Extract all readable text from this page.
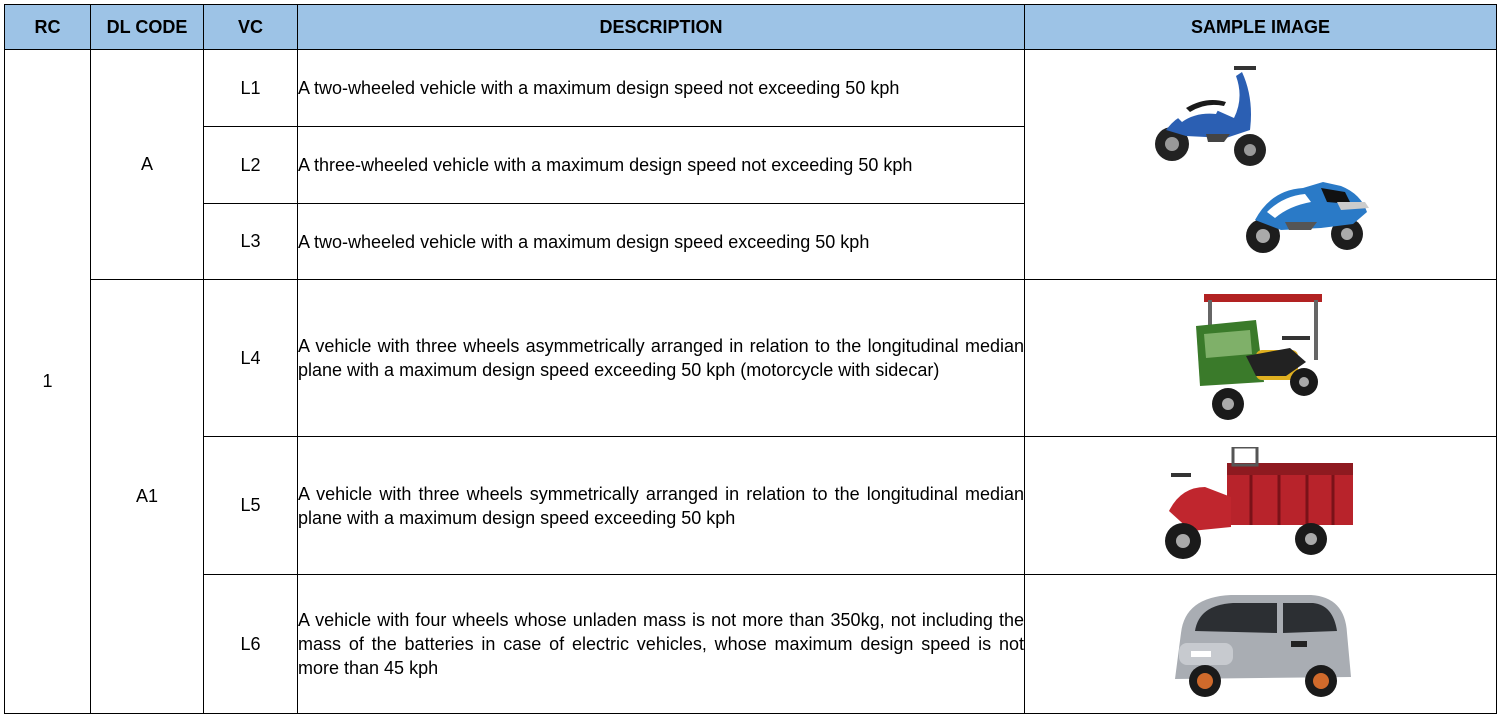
RC	DL CODE	VC	DESCRIPTION	SAMPLE IMAGE
1	A	L1	A two-wheeled vehicle with a maximum design speed not exceeding 50 kph	

		L2	A three-wheeled vehicle with a maximum design speed not exceeding 50 kph	
		L3	A two-wheeled vehicle with a maximum design speed exceeding 50 kph	
	A1	L4	A vehicle with three wheels asymmetrically arranged in relation to the longitudinal median plane with a maximum design speed exceeding 50 kph (motorcycle with sidecar)	

		L5	A vehicle with three wheels symmetrically arranged in relation to the longitudinal median plane with a maximum design speed exceeding 50 kph	

		L6	A vehicle with four wheels whose unladen mass is not more than 350kg, not including the mass of the batteries in case of electric vehicles, whose maximum design speed is not more than 45 kph	
